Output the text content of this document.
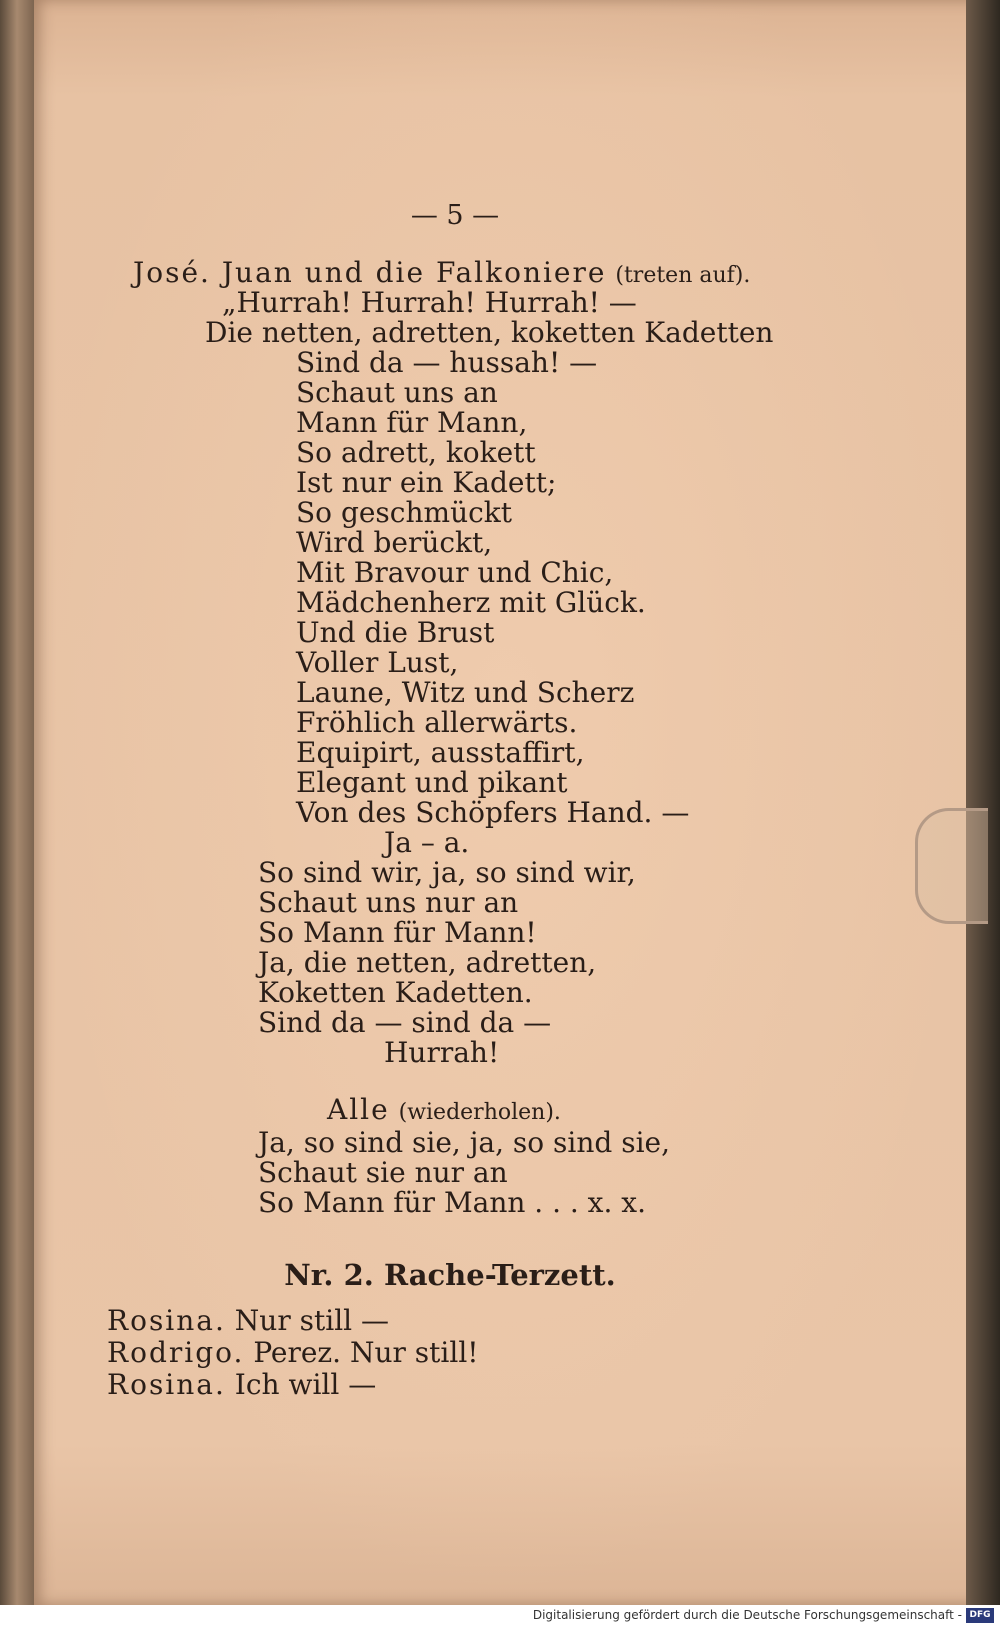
— 5 —
José. Juan und die Falkoniere (treten auf).
„Hurrah! Hurrah! Hurrah! —
Die netten, adretten, koketten Kadetten
Sind da — hussah! —
Schaut uns an
Mann für Mann,
So adrett, kokett
Ist nur ein Kadett;
So geschmückt
Wird berückt,
Mit Bravour und Chic,
Mädchenherz mit Glück.
Und die Brust
Voller Lust,
Laune, Witz und Scherz
Fröhlich allerwärts.
Equipirt, ausstaffirt,
Elegant und pikant
Von des Schöpfers Hand. —
Ja – a.
So sind wir, ja, so sind wir,
Schaut uns nur an
So Mann für Mann!
Ja, die netten, adretten,
Koketten Kadetten.
Sind da — sind da —
Hurrah!
Alle (wiederholen).
Ja, so sind sie, ja, so sind sie,
Schaut sie nur an
So Mann für Mann . . . x. x.
Nr. 2. Rache-Terzett.
Rosina. Nur still —
Rodrigo. Perez. Nur still!
Rosina. Ich will —
Digitalisierung gefördert durch die Deutsche Forschungsgemeinschaft - DFG
